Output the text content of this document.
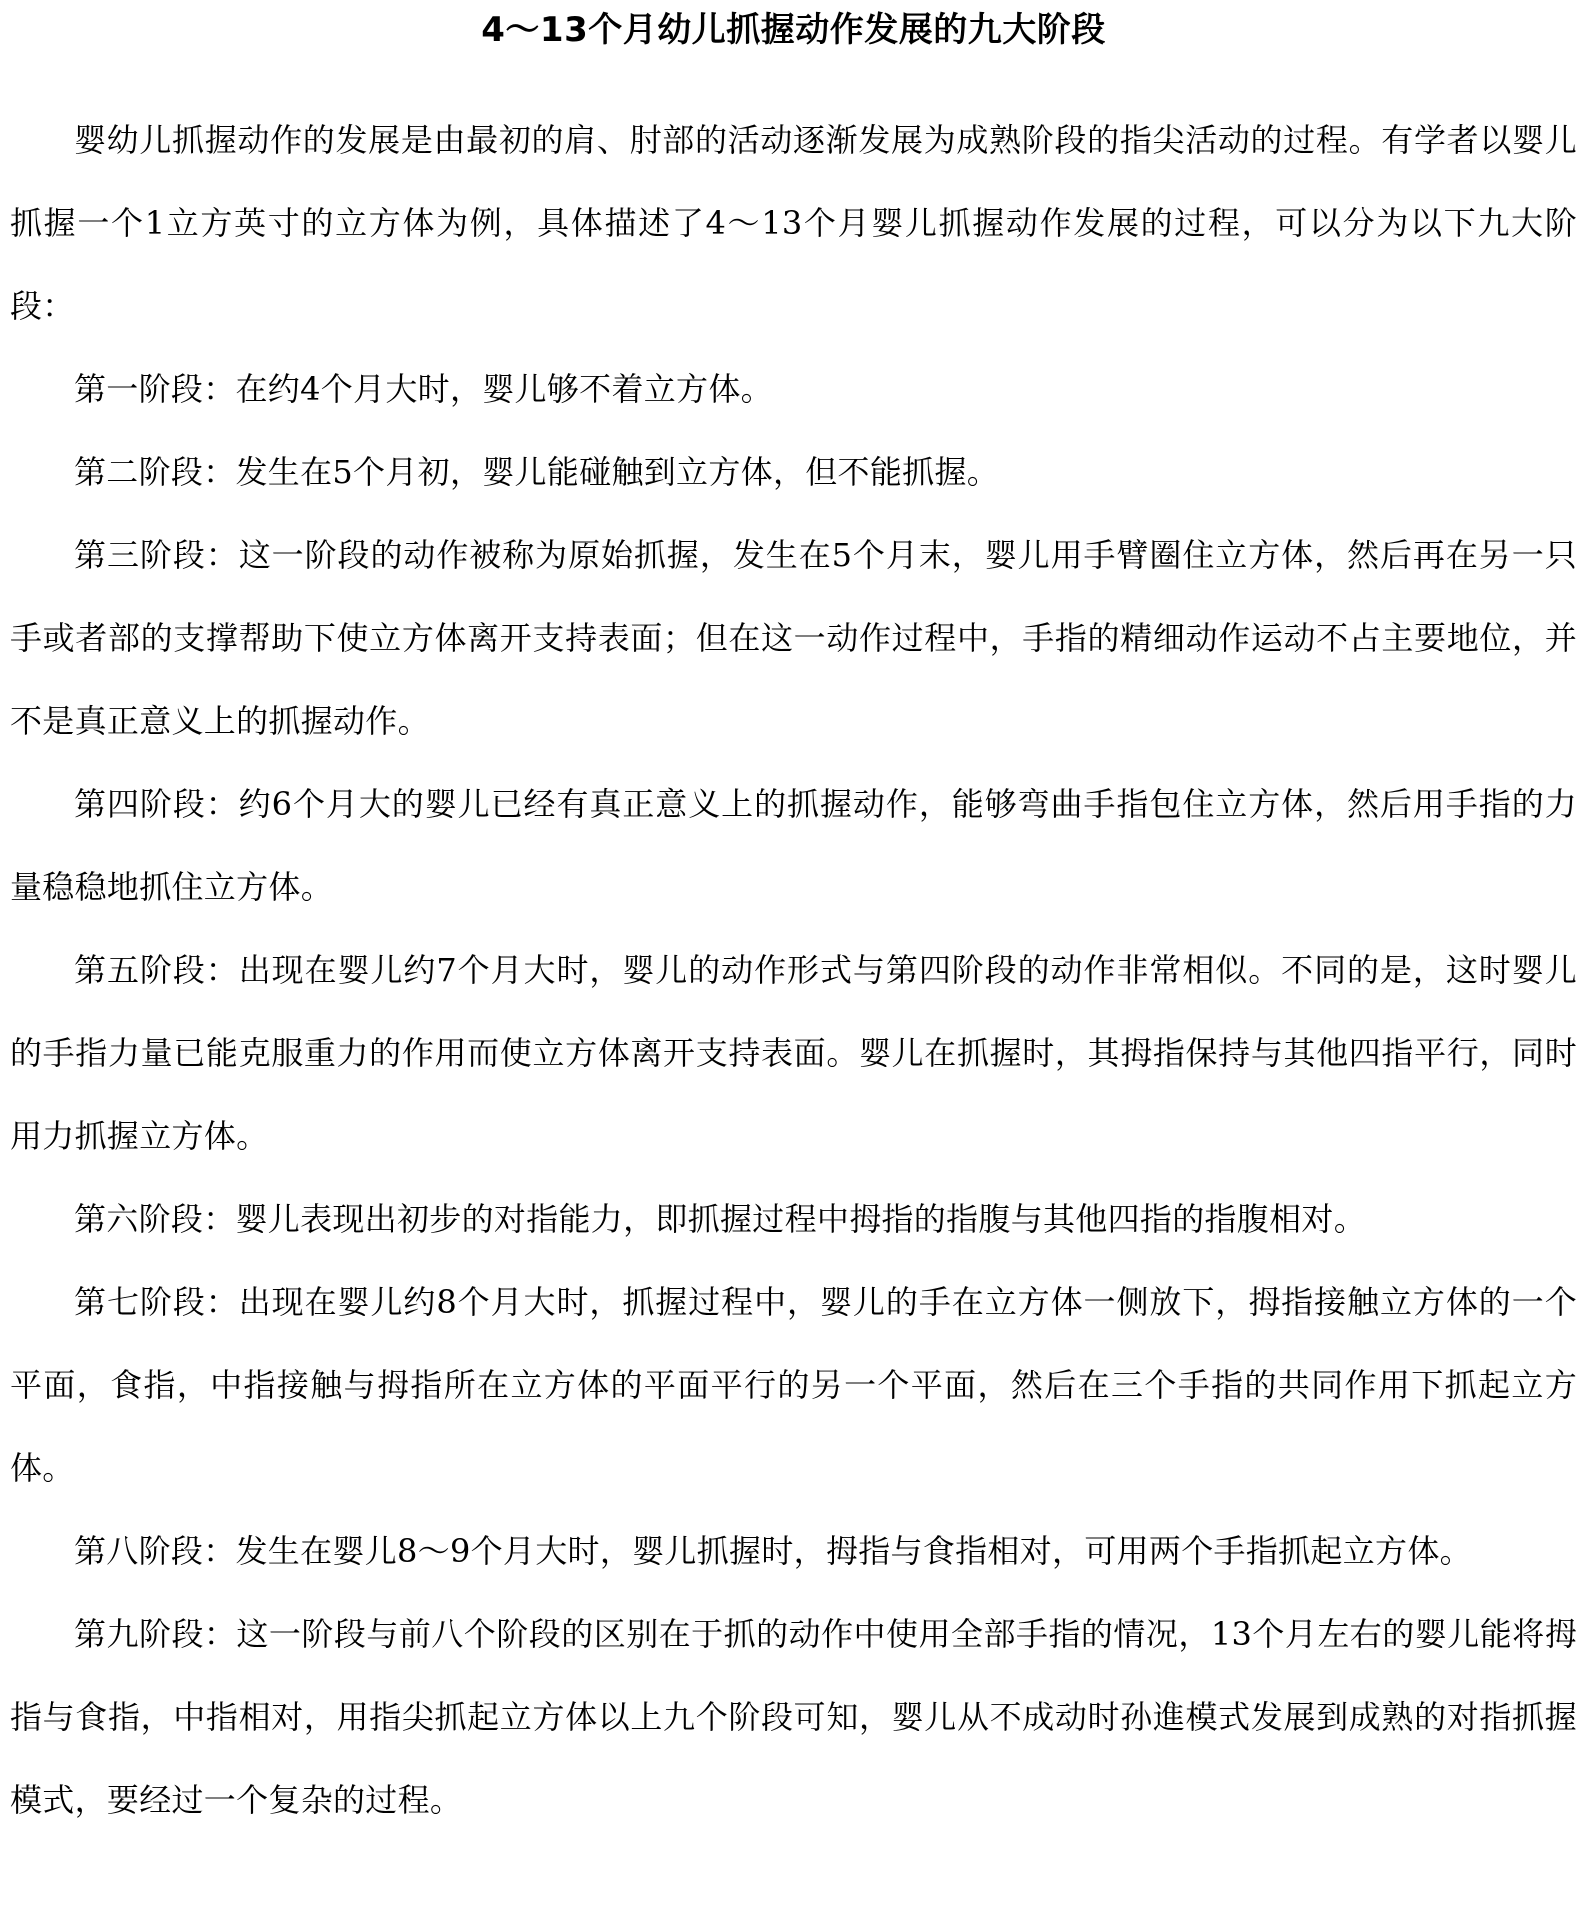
4～13个月幼儿抓握动作发展的九大阶段

婴幼儿抓握动作的发展是由最初的肩、肘部的活动逐渐发展为成熟阶段的指尖活动的过程。有学者以婴儿抓握一个1立方英寸的立方体为例，具体描述了4～13个月婴儿抓握动作发展的过程，可以分为以下九大阶段：

第一阶段：在约4个月大时，婴儿够不着立方体。

第二阶段：发生在5个月初，婴儿能碰触到立方体，但不能抓握。

第三阶段：这一阶段的动作被称为原始抓握，发生在5个月末，婴儿用手臂圈住立方体，然后再在另一只手或者部的支撑帮助下使立方体离开支持表面；但在这一动作过程中，手指的精细动作运动不占主要地位，并不是真正意义上的抓握动作。

第四阶段：约6个月大的婴儿已经有真正意义上的抓握动作，能够弯曲手指包住立方体，然后用手指的力量稳稳地抓住立方体。

第五阶段：出现在婴儿约7个月大时，婴儿的动作形式与第四阶段的动作非常相似。不同的是，这时婴儿的手指力量已能克服重力的作用而使立方体离开支持表面。婴儿在抓握时，其拇指保持与其他四指平行，同时用力抓握立方体。

第六阶段：婴儿表现出初步的对指能力，即抓握过程中拇指的指腹与其他四指的指腹相对。

第七阶段：出现在婴儿约8个月大时，抓握过程中，婴儿的手在立方体一侧放下，拇指接触立方体的一个平面，食指，中指接触与拇指所在立方体的平面平行的另一个平面，然后在三个手指的共同作用下抓起立方体。

第八阶段：发生在婴儿8～9个月大时，婴儿抓握时，拇指与食指相对，可用两个手指抓起立方体。

第九阶段：这一阶段与前八个阶段的区别在于抓的动作中使用全部手指的情况，13个月左右的婴儿能将拇指与食指，中指相对，用指尖抓起立方体以上九个阶段可知，婴儿从不成动时孙進模式发展到成熟的对指抓握模式，要经过一个复杂的过程。
